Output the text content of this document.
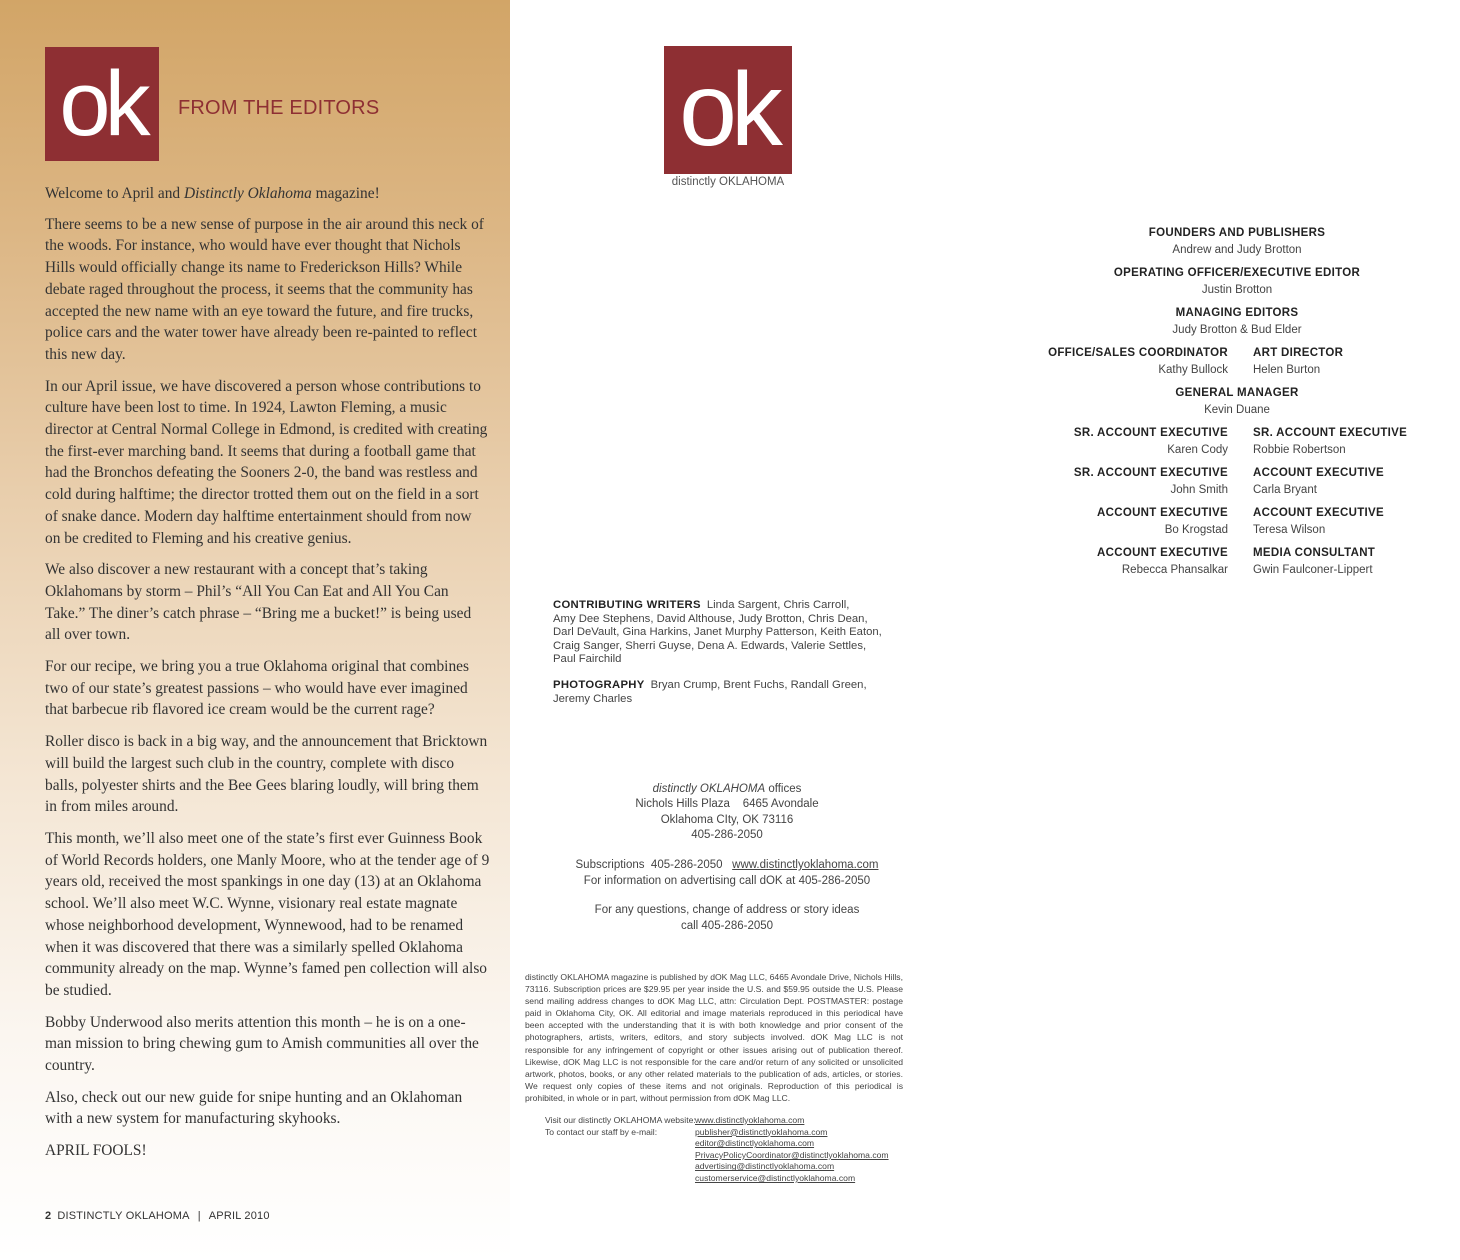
ok FROM THE EDITORS

Welcome to April and Distinctly Oklahoma magazine!

There seems to be a new sense of purpose in the air around this neck of the woods. For instance, who would have ever thought that Nichols Hills would officially change its name to Frederickson Hills? While debate raged throughout the process, it seems that the community has accepted the new name with an eye toward the future, and fire trucks, police cars and the water tower have already been re-painted to reflect this new day.

In our April issue, we have discovered a person whose contributions to culture have been lost to time. In 1924, Lawton Fleming, a music director at Central Normal College in Edmond, is credited with creating the first-ever marching band. It seems that during a football game that had the Bronchos defeating the Sooners 2-0, the band was restless and cold during halftime; the director trotted them out on the field in a sort of snake dance. Modern day halftime entertainment should from now on be credited to Fleming and his creative genius.

We also discover a new restaurant with a concept that’s taking Oklahomans by storm – Phil’s “All You Can Eat and All You Can Take.” The diner’s catch phrase – “Bring me a bucket!” is being used all over town.

For our recipe, we bring you a true Oklahoma original that combines two of our state’s greatest passions – who would have ever imagined that barbecue rib flavored ice cream would be the current rage?

Roller disco is back in a big way, and the announcement that Bricktown will build the largest such club in the country, complete with disco balls, polyester shirts and the Bee Gees blaring loudly, will bring them in from miles around.

This month, we’ll also meet one of the state’s first ever Guinness Book of World Records holders, one Manly Moore, who at the tender age of 9 years old, received the most spankings in one day (13) at an Oklahoma school. We’ll also meet W.C. Wynne, visionary real estate magnate whose neighborhood development, Wynnewood, had to be renamed when it was discovered that there was a similarly spelled Oklahoma community already on the map. Wynne’s famed pen collection will also be studied.

Bobby Underwood also merits attention this month – he is on a one-man mission to bring chewing gum to Amish communities all over the country.

Also, check out our new guide for snipe hunting and an Oklahoman with a new system for manufacturing skyhooks.

APRIL FOOLS!

2 DISTINCTLY OKLAHOMA | APRIL 2010
ok
distinctly OKLAHOMA
FOUNDERS AND PUBLISHERS
Andrew and Judy Brotton
OPERATING OFFICER/EXECUTIVE EDITOR
Justin Brotton
MANAGING EDITORS
Judy Brotton & Bud Elder
OFFICE/SALES COORDINATOR ART DIRECTOR
Kathy Bullock Helen Burton
GENERAL MANAGER
Kevin Duane
SR. ACCOUNT EXECUTIVE SR. ACCOUNT EXECUTIVE
Karen Cody Robbie Robertson
SR. ACCOUNT EXECUTIVE ACCOUNT EXECUTIVE
John Smith Carla Bryant
ACCOUNT EXECUTIVE ACCOUNT EXECUTIVE
Bo Krogstad Teresa Wilson
ACCOUNT EXECUTIVE MEDIA CONSULTANT
Rebecca Phansalkar Gwin Faulconer-Lippert
CONTRIBUTING WRITERS Linda Sargent, Chris Carroll,
Amy Dee Stephens, David Althouse, Judy Brotton, Chris Dean,
Darl DeVault, Gina Harkins, Janet Murphy Patterson, Keith Eaton,
Craig Sanger, Sherri Guyse, Dena A. Edwards, Valerie Settles,
Paul Fairchild
PHOTOGRAPHY Bryan Crump, Brent Fuchs, Randall Green,
Jeremy Charles
distinctly OKLAHOMA offices
Nichols Hills Plaza    6465 Avondale
Oklahoma CIty, OK 73116
405-286-2050
Subscriptions  405-286-2050   www.distinctlyoklahoma.com
For information on advertising call dOK at 405-286-2050
For any questions, change of address or story ideas
call 405-286-2050
distinctly OKLAHOMA magazine is published by dOK Mag LLC, 6465 Avondale Drive, Nichols Hills, 73116. Subscription prices are $29.95 per year inside the U.S. and $59.95 outside the U.S. Please send mailing address changes to dOK Mag LLC, attn: Circulation Dept. POSTMASTER: postage paid in Oklahoma City, OK. All editorial and image materials reproduced in this periodical have been accepted with the understanding that it is with both knowledge and prior consent of the photographers, artists, writers, editors, and story subjects involved. dOK Mag LLC is not responsible for any infringement of copyright or other issues arising out of publication thereof. Likewise, dOK Mag LLC is not responsible for the care and/or return of any solicited or unsolicited artwork, photos, books, or any other related materials to the publication of ads, articles, or stories. We request only copies of these items and not originals. Reproduction of this periodical is prohibited, in whole or in part, without permission from dOK Mag LLC.
Visit our distinctly OKLAHOMA website: www.distinctlyoklahoma.com
To contact our staff by e-mail:	publisher@distinctlyoklahoma.com
editor@distinctlyoklahoma.com
PrivacyPolicyCoordinator@distinctlyoklahoma.com
advertising@distinctlyoklahoma.com
customerservice@distinctlyoklahoma.com
